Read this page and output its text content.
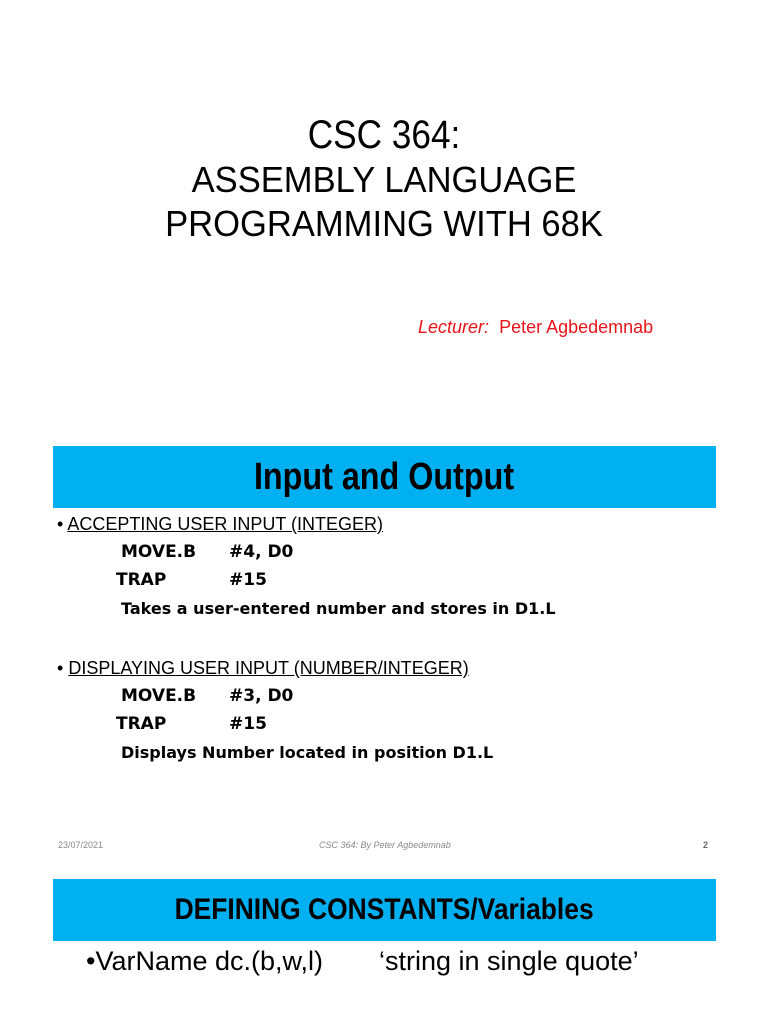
CSC 364:
ASSEMBLY LANGUAGE
PROGRAMMING WITH 68K
Lecturer: Peter Agbedemnab
Input and Output
• ACCEPTING USER INPUT (INTEGER)
MOVE.B #4, D0
TRAP	#15
Takes a user-entered number and stores in D1.L
• DISPLAYING USER INPUT (NUMBER/INTEGER)
MOVE.B #3, D0
TRAP	#15
Displays Number located in position D1.L
23/07/2021	CSC 364: By Peter Agbedemnab	2
DEFINING CONSTANTS/Variables
•VarName dc.(b,w,l) ‘string in single quote’
